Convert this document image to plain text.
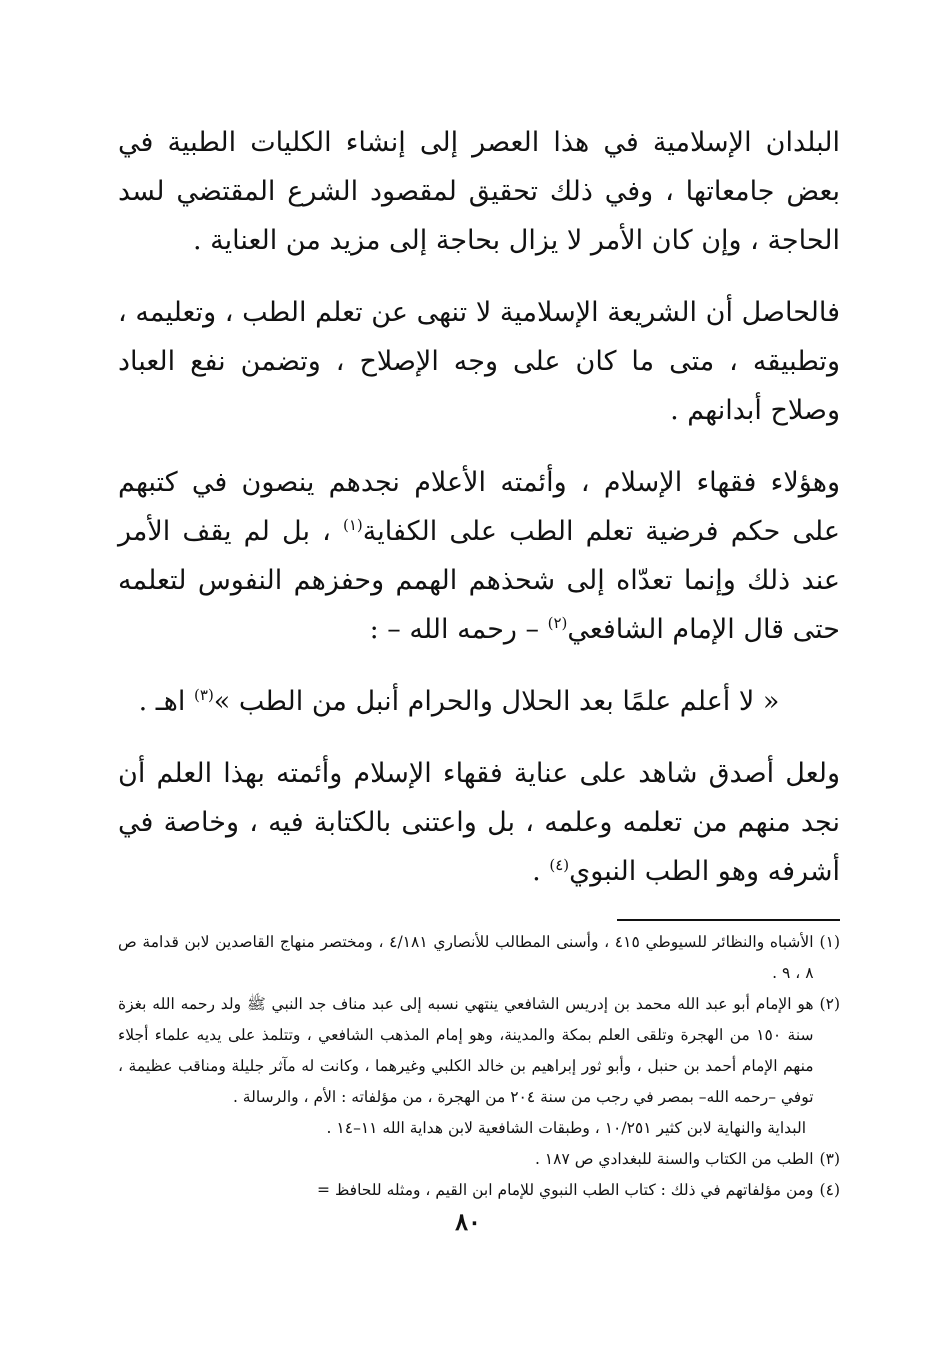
البلدان الإسلامية في هذا العصر إلى إنشاء الكليات الطبية في بعض جامعاتها ، وفي ذلك تحقيق لمقصود الشرع المقتضي لسد الحاجة ، وإن كان الأمر لا يزال بحاجة إلى مزيد من العناية .

فالحاصل أن الشريعة الإسلامية لا تنهى عن تعلم الطب ، وتعليمه ، وتطبيقه ، متى ما كان على وجه الإصلاح ، وتضمن نفع العباد وصلاح أبدانهم .

وهؤلاء فقهاء الإسلام ، وأئمته الأعلام نجدهم ينصون في كتبهم على حكم فرضية تعلم الطب على الكفاية$^{(١)}$ ، بل لم يقف الأمر عند ذلك وإنما تعدّاه إلى شحذهم الهمم وحفزهم النفوس لتعلمه حتى قال الإمام الشافعي$^{(٢)}$ – رحمه الله – :

« لا أعلم علمًا بعد الحلال والحرام أنبل من الطب »$^{(٣)}$ اهـ .

ولعل أصدق شاهد على عناية فقهاء الإسلام وأئمته بهذا العلم أن نجد منهم من تعلمه وعلمه ، بل واعتنى بالكتابة فيه ، وخاصة في أشرفه وهو الطب النبوي$^{(٤)}$ .

(١)
الأشباه والنظائر للسيوطي ٤١٥ ، وأسنى المطالب للأنصاري ٤/١٨١ ، ومختصر منهاج القاصدين لابن قدامة ص ٨ ، ٩ .
(٢)
هو الإمام أبو عبد الله محمد بن إدريس الشافعي ينتهي نسبه إلى عبد مناف جد النبي ﷺ ولد رحمه الله بغزة سنة ١٥٠ من الهجرة وتلقى العلم بمكة والمدينة، وهو إمام المذهب الشافعي ، وتتلمذ على يديه علماء أجلاء منهم الإمام أحمد بن حنبل ، وأبو ثور إبراهيم بن خالد الكلبي وغيرهما ، وكانت له مآثر جليلة ومناقب عظيمة ، توفي –رحمه الله– بمصر في رجب من سنة ٢٠٤ من الهجرة ، من مؤلفاته : الأم ، والرسالة .
البداية والنهاية لابن كثير ١٠/٢٥١ ، وطبقات الشافعية لابن هداية الله ١١–١٤ .
(٣)
الطب من الكتاب والسنة للبغدادي ص ١٨٧ .
(٤)
ومن مؤلفاتهم في ذلك : كتاب الطب النبوي للإمام ابن القيم ، ومثله للحافظ =
٨٠
